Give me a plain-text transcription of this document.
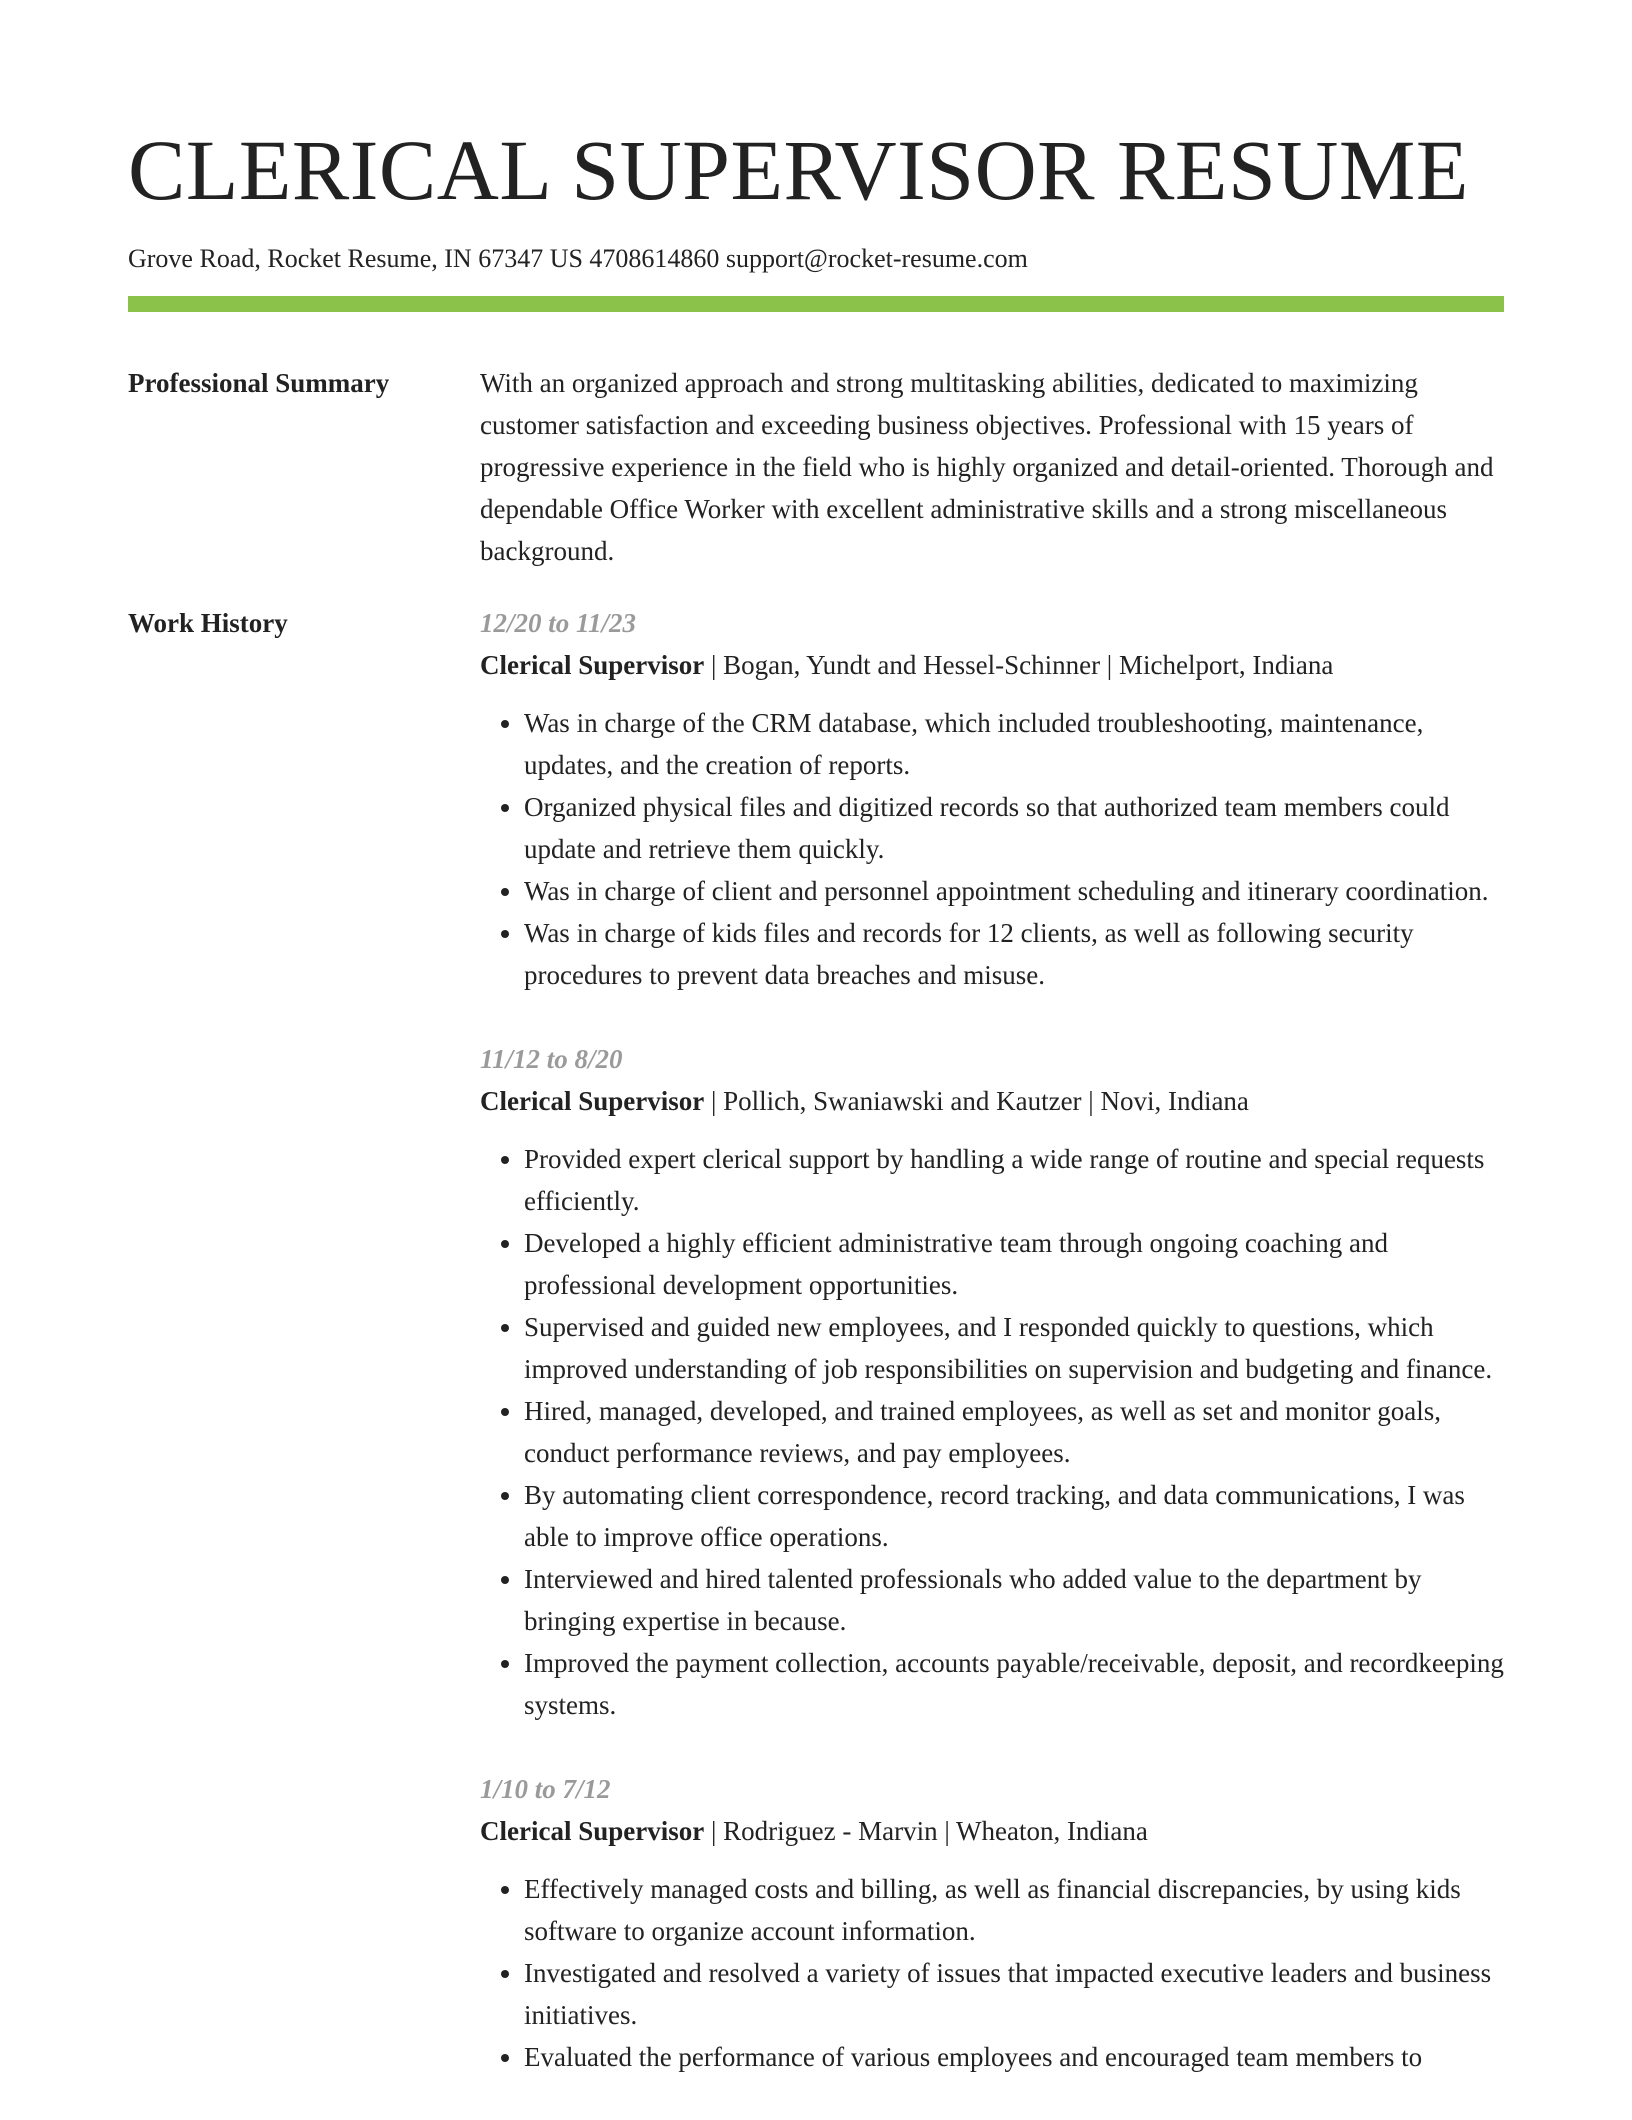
CLERICAL SUPERVISOR RESUME
Grove Road, Rocket Resume, IN 67347 US 4708614860 support@rocket-resume.com
Professional Summary	With an organized approach and strong multitasking abilities, dedicated to maximizing customer satisfaction and exceeding business objectives. Professional with 15 years of progressive experience in the field who is highly organized and detail-oriented. Thorough and dependable Office Worker with excellent administrative skills and a strong miscellaneous background.

Work History	12/20 to 11/23
Clerical Supervisor | Bogan, Yundt and Hessel-Schinner | Michelport, Indiana
• Was in charge of the CRM database, which included troubleshooting, maintenance, updates, and the creation of reports.
• Organized physical files and digitized records so that authorized team members could update and retrieve them quickly.
• Was in charge of client and personnel appointment scheduling and itinerary coordination.
• Was in charge of kids files and records for 12 clients, as well as following security procedures to prevent data breaches and misuse.
11/12 to 8/20
Clerical Supervisor | Pollich, Swaniawski and Kautzer | Novi, Indiana
• Provided expert clerical support by handling a wide range of routine and special requests efficiently.
• Developed a highly efficient administrative team through ongoing coaching and professional development opportunities.
• Supervised and guided new employees, and I responded quickly to questions, which improved understanding of job responsibilities on supervision and budgeting and finance.
• Hired, managed, developed, and trained employees, as well as set and monitor goals, conduct performance reviews, and pay employees.
• By automating client correspondence, record tracking, and data communications, I was able to improve office operations.
• Interviewed and hired talented professionals who added value to the department by bringing expertise in because.
• Improved the payment collection, accounts payable/receivable, deposit, and recordkeeping systems.
1/10 to 7/12
Clerical Supervisor | Rodriguez - Marvin | Wheaton, Indiana
• Effectively managed costs and billing, as well as financial discrepancies, by using kids software to organize account information.
• Investigated and resolved a variety of issues that impacted executive leaders and business initiatives.
• Evaluated the performance of various employees and encouraged team members to
